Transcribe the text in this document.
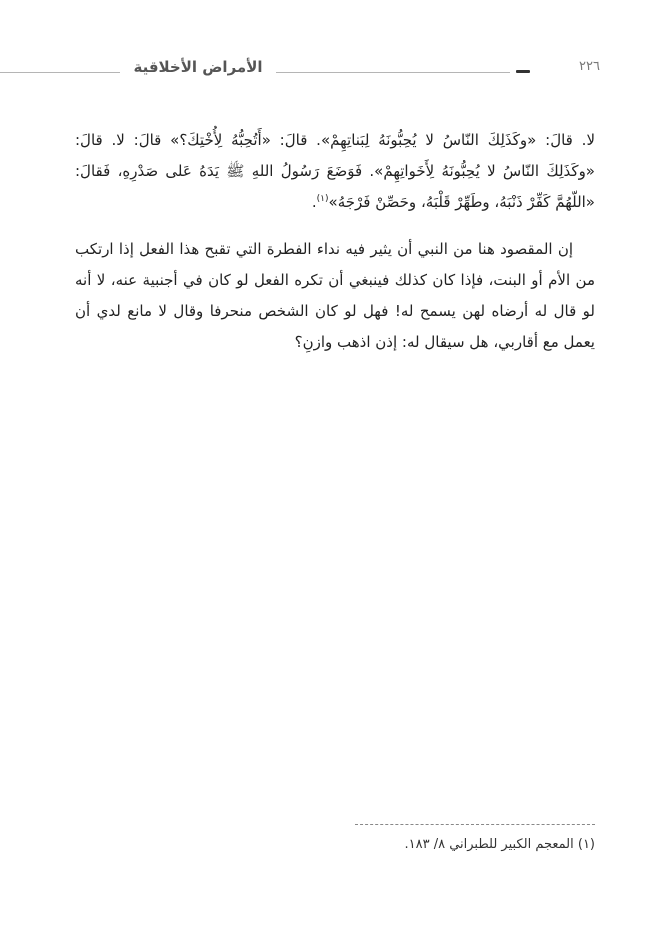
الأمراض الأخلاقية	٢٢٦

لا. قالَ: «وكَذَلِكَ النّاسُ لا يُحِبُّونَهُ لِبَناتِهِمْ». قالَ: «أَتُحِبُّهُ لِأُخْتِكَ؟» قالَ: لا. قالَ: «وكَذَلِكَ النّاسُ لا يُحِبُّونَهُ لِأَخَواتِهِمْ». فَوَضَعَ رَسُولُ اللهِ ﷺ يَدَهُ عَلى صَدْرِهِ، فَقالَ: «اللّهُمَّ كَفِّرْ ذَنْبَهُ، وطَهِّرْ قَلْبَهُ، وحَصِّنْ فَرْجَهُ»$^{(١)}$.

إن المقصود هنا من النبي أن يثير فيه نداء الفطرة التي تقبح هذا الفعل إذا ارتكب من الأم أو البنت، فإذا كان كذلك فينبغي أن تكره الفعل لو كان في أجنبية عنه، لا أنه لو قال له أرضاه لهن يسمح له! فهل لو كان الشخص منحرفا وقال لا مانع لدي أن يعمل مع أقاربي، هل سيقال له: إذن اذهب وازنِ؟

(١) المعجم الكبير للطبراني ٨/ ١٨٣.
